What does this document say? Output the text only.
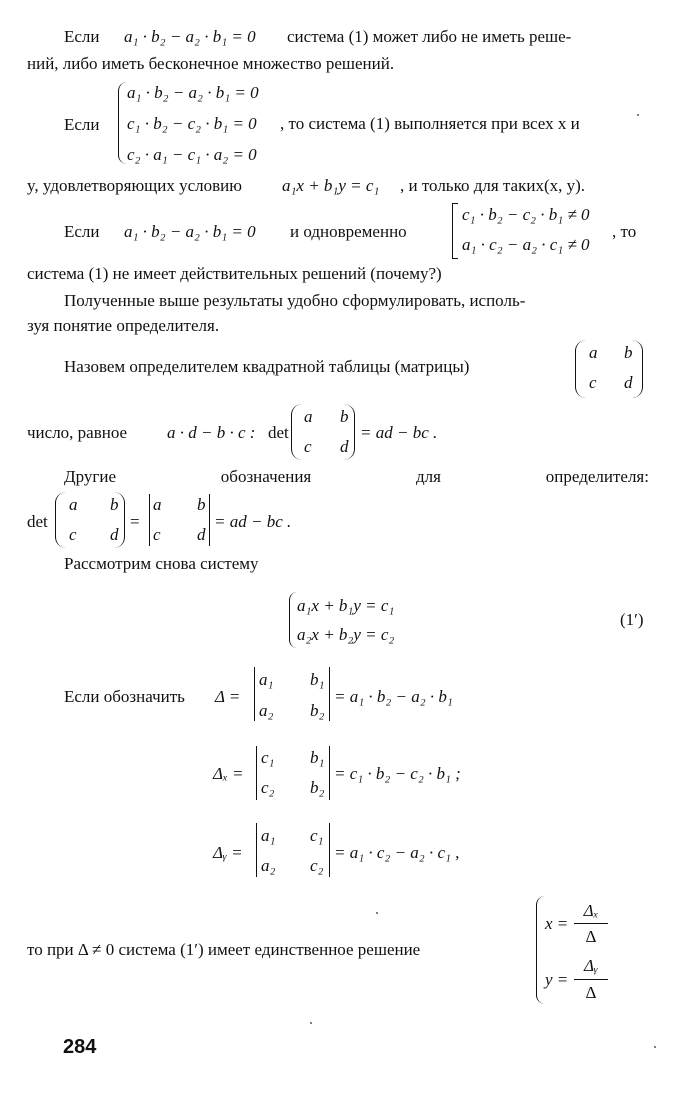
Если a₁ · b₂ − a₂ · b₁ = 0 система (1) может либо не иметь реше-
ний, либо иметь бесконечное множество решений.
Если
a₁ · b₂ − a₂ · b₁ = 0
c₁ · b₂ − c₂ · b₁ = 0
c₂ · a₁ − c₁ · a₂ = 0
, то система (1) выполняется при всех x и
y, удовлетворяющих условию a₁x + b₁y = c₁ , и только для таких(x, y).
Если a₁ · b₂ − a₂ · b₁ = 0 и одновременно
c₁ · b₂ − c₂ · b₁ ≠ 0
a₁ · c₂ − a₂ · c₁ ≠ 0
, то
система (1) не имеет действительных решений (почему?)
Полученные выше результаты удобно сформулировать, исполь-
зуя понятие определителя.
Назовем определителем квадратной таблицы (матрицы)
a b
c d
число, равное a · d − b · c : det
a b
c d
= ad − bc .
Другие	обозначения	для	определителя:
det
a b
c d
=
a b
c d
= ad − bc .
Рассмотрим снова систему
a₁x + b₁y = c₁
a₂x + b₂y = c₂
(1′)
Если обозначить Δ =
a₁ b₁
a₂ b₂
= a₁ · b₂ − a₂ · b₁
Δₓ =
c₁ b₁
c₂ b₂
= c₁ · b₂ − c₂ · b₁ ;
Δᵧ =
a₁ c₁
a₂ c₂
= a₁ · c₂ − a₂ · c₁ ,
то при Δ ≠ 0 система (1′) имеет единственное решение
x =
Δₓ
Δ
y =
Δᵧ
Δ
284
